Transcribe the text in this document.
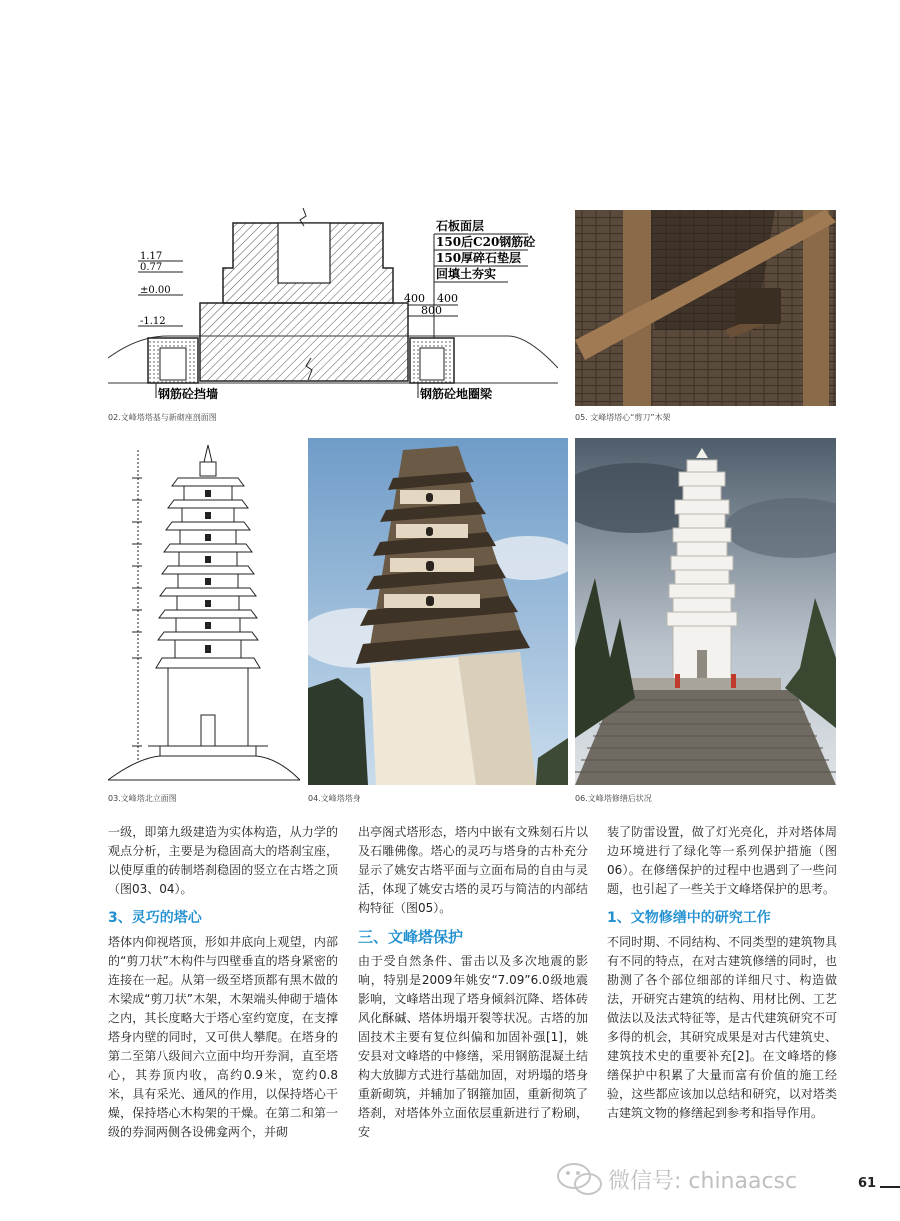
1.17
0.77
±0.00
-1.12
石板面层
150后C20钢筋砼
150厚碎石垫层
回填土夯实
400 400
800
钢筋砼挡墙	钢筋砼地圈梁
02.文峰塔塔基与新砌座剖面图	05. 文峰塔塔心“剪刀”木架
03.文峰塔北立面图	04.文峰塔塔身	06.文峰塔修缮后状况

一级，即第九级建造为实体构造，从力学的观点分析，主要是为稳固高大的塔刹宝座，以使厚重的砖制塔刹稳固的竖立在古塔之顶（图03、04）。

3、灵巧的塔心

塔体内仰视塔顶，形如井底向上观望，内部的“剪刀状”木构件与四壁垂直的塔身紧密的连接在一起。从第一级至塔顶都有黑木做的木梁成“剪刀状”木架，木架端头伸砌于墙体之内，其长度略大于塔心室约宽度，在支撑塔身内壁的同时，又可供人攀爬。在塔身的第二至第八级间六立面中均开券洞，直至塔心，其券顶内收，高约0.9米，宽约0.8米，具有采光、通风的作用，以保持塔心干燥，保持塔心木构架的干燥。在第二和第一级的券洞两侧各设佛龛两个，并砌

出亭阁式塔形态，塔内中嵌有文殊刻石片以及石雕佛像。塔心的灵巧与塔身的古朴充分显示了姚安古塔平面与立面布局的自由与灵活，体现了姚安古塔的灵巧与简洁的内部结构特征（图05）。

三、文峰塔保护

由于受自然条件、雷击以及多次地震的影响，特别是2009年姚安“7.09”6.0级地震影响，文峰塔出现了塔身倾斜沉降、塔体砖风化酥碱、塔体坍塌开裂等状况。古塔的加固技术主要有复位纠偏和加固补强[1]，姚安县对文峰塔的中修缮，采用钢筋混凝土结构大放脚方式进行基础加固，对坍塌的塔身重新砌筑，并辅加了钢箍加固，重新彻筑了塔刹，对塔体外立面依层重新进行了粉刷，安

装了防雷设置，做了灯光亮化，并对塔体周边环境进行了绿化等一系列保护措施（图06）。在修缮保护的过程中也遇到了一些问题，也引起了一些关于文峰塔保护的思考。

1、文物修缮中的研究工作

不同时期、不同结构、不同类型的建筑物具有不同的特点，在对古建筑修缮的同时，也勘测了各个部位细部的详细尺寸、构造做法，开研究古建筑的结构、用材比例、工艺做法以及法式特征等，是古代建筑研究不可多得的机会，其研究成果是对古代建筑史、建筑技术史的重要补充[2]。在文峰塔的修缮保护中积累了大量而富有价值的施工经验，这些都应该加以总结和研究，以对塔类古建筑文物的修缮起到参考和指导作用。

微信号: chinaacsc	61
